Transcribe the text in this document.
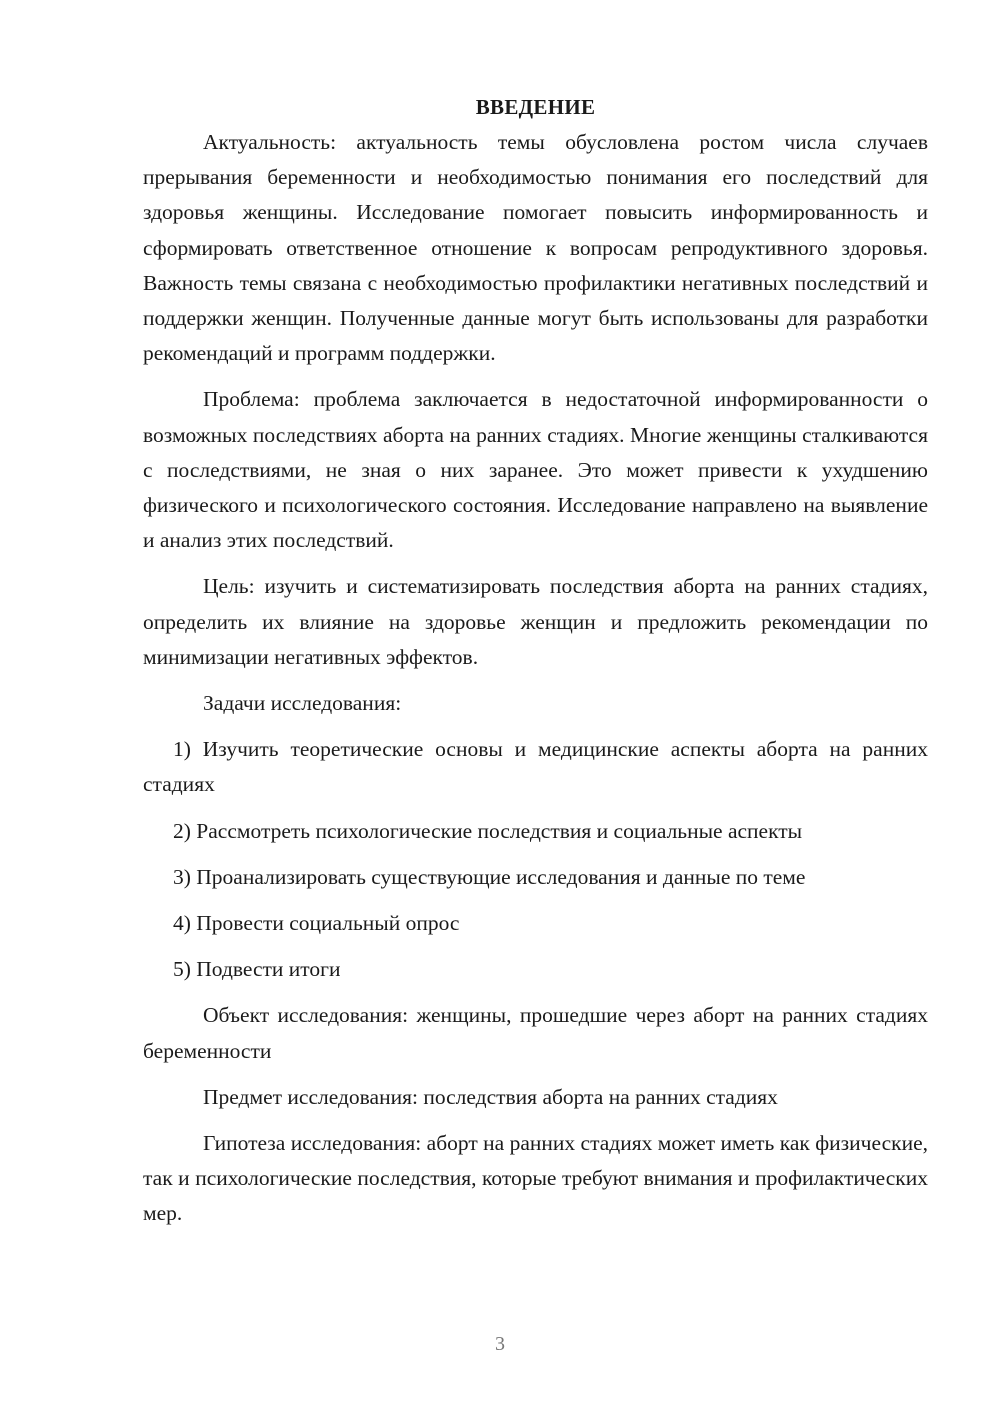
ВВЕДЕНИЕ

Актуальность: актуальность темы обусловлена ростом числа случаев прерывания беременности и необходимостью понимания его последствий для здоровья женщины. Исследование помогает повысить информированность и сформировать ответственное отношение к вопросам репродуктивного здоровья. Важность темы связана с необходимостью профилактики негативных последствий и поддержки женщин. Полученные данные могут быть использованы для разработки рекомендаций и программ поддержки.

Проблема: проблема заключается в недостаточной информированности о возможных последствиях аборта на ранних стадиях. Многие женщины сталкиваются с последствиями, не зная о них заранее. Это может привести к ухудшению физического и психологического состояния. Исследование направлено на выявление и анализ этих последствий.

Цель: изучить и систематизировать последствия аборта на ранних стадиях, определить их влияние на здоровье женщин и предложить рекомендации по минимизации негативных эффектов.

Задачи исследования:

1) Изучить теоретические основы и медицинские аспекты аборта на ранних стадиях

2) Рассмотреть психологические последствия и социальные аспекты

3) Проанализировать существующие исследования и данные по теме

4) Провести социальный опрос

5) Подвести итоги

Объект исследования: женщины, прошедшие через аборт на ранних стадиях беременности

Предмет исследования: последствия аборта на ранних стадиях

Гипотеза исследования: аборт на ранних стадиях может иметь как физические, так и психологические последствия, которые требуют внимания и профилактических мер.

3
